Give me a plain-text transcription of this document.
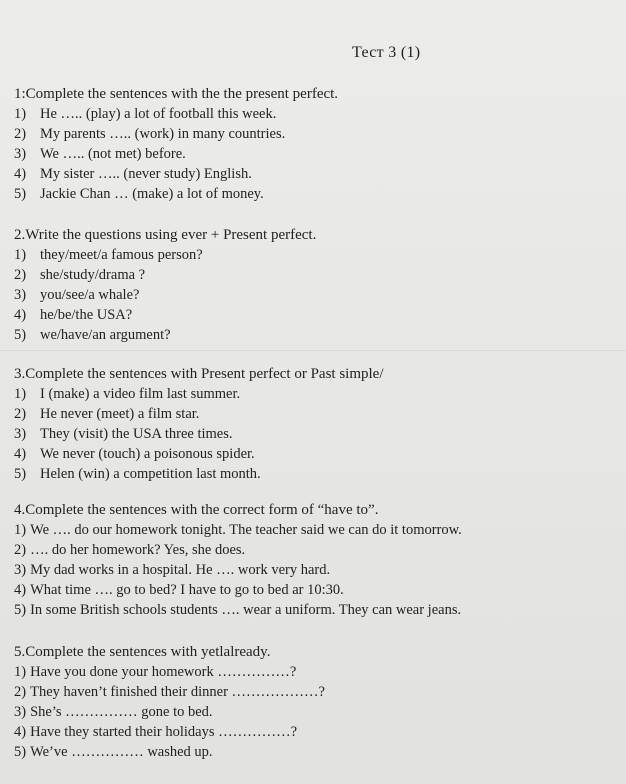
Тест 3 (1)

1:Complete the sentences with the the present perfect.

1) He ….. (play) a lot of football this week.

2) My parents ….. (work) in many countries.

3) We ….. (not met) before.

4) My sister ….. (never study) English.

5) Jackie Chan … (make) a lot of money.

2.Write the questions using ever + Present perfect.

1) they/meet/a famous person?

2) she/study/drama ?

3) you/see/a whale?

4) he/be/the USA?

5) we/have/an argument?

3.Complete the sentences with Present perfect or Past simple/

1) I (make) a video film last summer.

2) He never (meet) a film star.

3) They (visit) the USA three times.

4) We never (touch) a poisonous spider.

5) Helen (win) a competition last month.

4.Complete the sentences with the correct form of “have to”.

1) We …. do our homework tonight. The teacher said we can do it tomorrow.

2) …. do her homework? Yes, she does.

3) My dad works in a hospital. He …. work very hard.

4) What time …. go to bed? I have to go to bed ar 10:30.

5) In some British schools students …. wear a uniform. They can wear jeans.

5.Complete the sentences with yetlalready.

1) Have you done your homework ……………?

2) They haven’t finished their dinner ………………?

3) She’s …………… gone to bed.

4) Have they started their holidays ……………?

5) We’ve …………… washed up.
